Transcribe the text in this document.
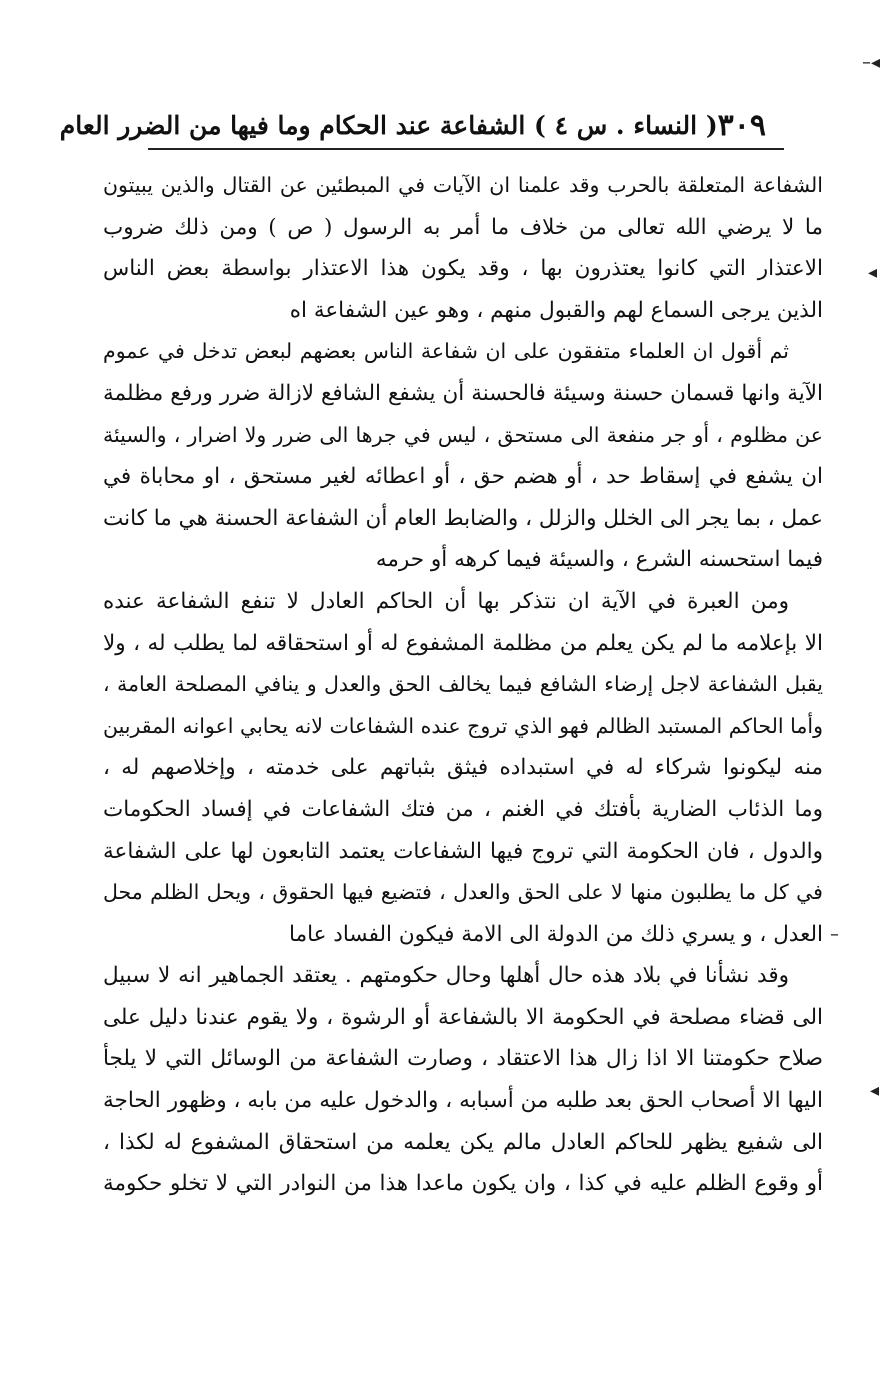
–◂
◂
–
◂
٣٠٩
( النساء . س ٤ ) الشفاعة عند الحكام وما فيها من الضرر العام
الشفاعة المتعلقة بالحرب وقد علمنا ان الآيات في المبطئين عن القتال والذين يبيتون
ما لا يرضي الله تعالى من خلاف ما أمر به الرسول ( ص ) ومن ذلك ضروب
الاعتذار التي كانوا يعتذرون بها ، وقد يكون هذا الاعتذار بواسطة بعض الناس
الذين يرجى السماع لهم والقبول منهم ، وهو عين الشفاعة اه
ثم أقول ان العلماء متفقون على ان شفاعة الناس بعضهم لبعض تدخل في عموم
الآية وانها قسمان حسنة وسيئة فالحسنة أن يشفع الشافع لازالة ضرر ورفع مظلمة
عن مظلوم ، أو جر منفعة الى مستحق ، ليس في جرها الى ضرر ولا اضرار ، والسيئة
ان يشفع في إسقاط حد ، أو هضم حق ، أو اعطائه لغير مستحق ، او محاباة في
عمل ، بما يجر الى الخلل والزلل ، والضابط العام أن الشفاعة الحسنة هي ما كانت
فيما استحسنه الشرع ، والسيئة فيما كرهه أو حرمه
ومن العبرة في الآية ان نتذكر بها أن الحاكم العادل لا تنفع الشفاعة عنده
الا بإعلامه ما لم يكن يعلم من مظلمة المشفوع له أو استحقاقه لما يطلب له ، ولا
يقبل الشفاعة لاجل إرضاء الشافع فيما يخالف الحق والعدل و ينافي المصلحة العامة ،
وأما الحاكم المستبد الظالم فهو الذي تروج عنده الشفاعات لانه يحابي اعوانه المقربين
منه ليكونوا شركاء له في استبداده فيثق بثباتهم على خدمته ، وإخلاصهم له ،
وما الذئاب الضارية بأفتك في الغنم ، من فتك الشفاعات في إفساد الحكومات
والدول ، فان الحكومة التي تروج فيها الشفاعات يعتمد التابعون لها على الشفاعة
في كل ما يطلبون منها لا على الحق والعدل ، فتضيع فيها الحقوق ، ويحل الظلم محل
العدل ، و يسري ذلك من الدولة الى الامة فيكون الفساد عاما
وقد نشأنا في بلاد هذه حال أهلها وحال حكومتهم . يعتقد الجماهير انه لا سبيل
الى قضاء مصلحة في الحكومة الا بالشفاعة أو الرشوة ، ولا يقوم عندنا دليل على
صلاح حكومتنا الا اذا زال هذا الاعتقاد ، وصارت الشفاعة من الوسائل التي لا يلجأ
اليها الا أصحاب الحق بعد طلبه من أسبابه ، والدخول عليه من بابه ، وظهور الحاجة
الى شفيع يظهر للحاكم العادل مالم يكن يعلمه من استحقاق المشفوع له لكذا ،
أو وقوع الظلم عليه في كذا ، وان يكون ماعدا هذا من النوادر التي لا تخلو حكومة
